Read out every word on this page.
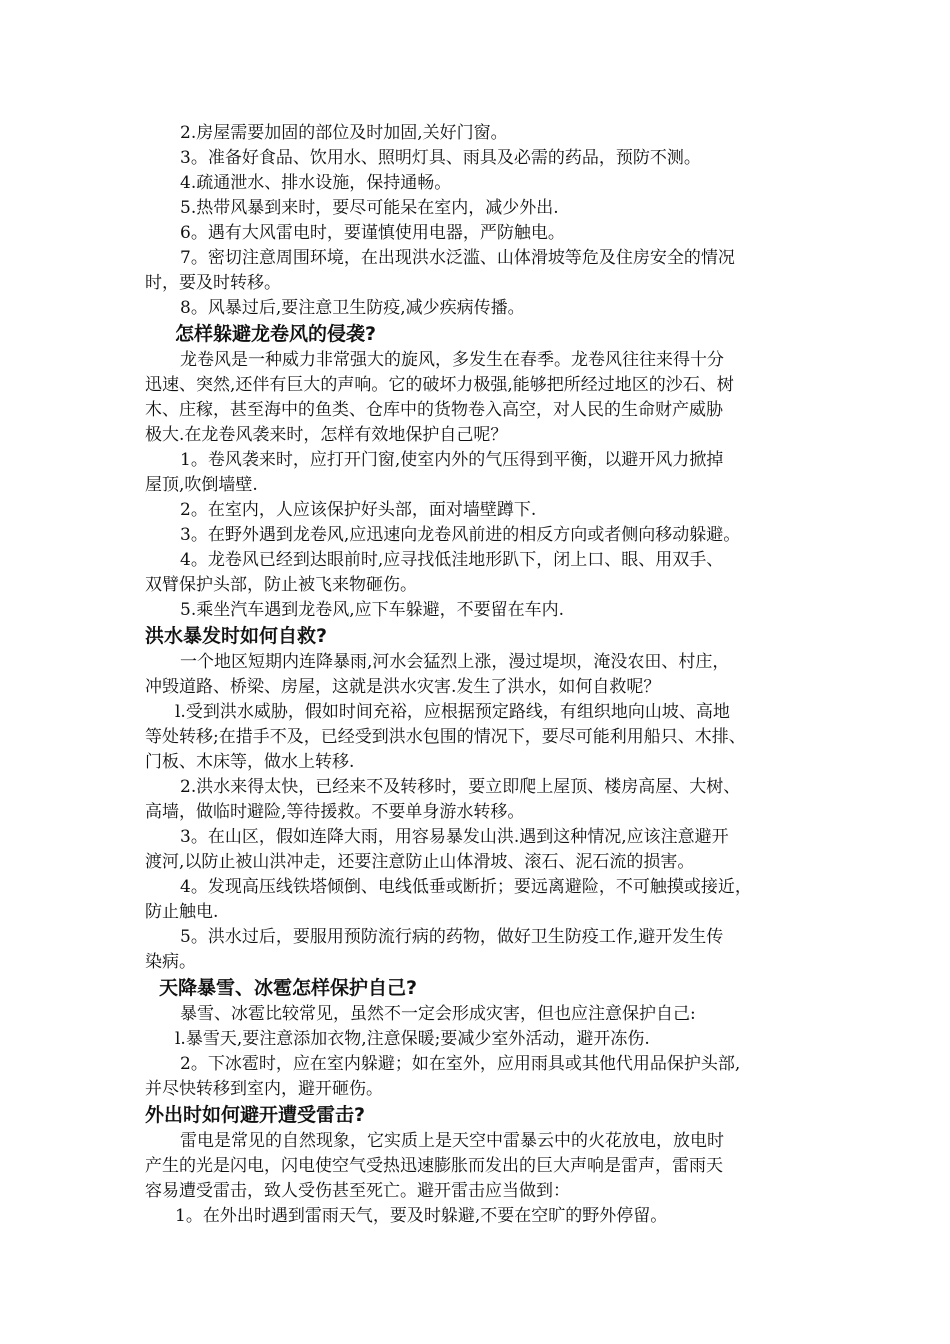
2.房屋需要加固的部位及时加固,关好门窗。
3。准备好食品、饮用水、照明灯具、雨具及必需的药品，预防不测。
4.疏通泄水、排水设施，保持通畅。
5.热带风暴到来时，要尽可能呆在室内，减少外出.
6。遇有大风雷电时，要谨慎使用电器，严防触电。
7。密切注意周围环境，在出现洪水泛滥、山体滑坡等危及住房安全的情况
时，要及时转移。
8。风暴过后,要注意卫生防疫,减少疾病传播。
怎样躲避龙卷风的侵袭?
龙卷风是一种威力非常强大的旋风，多发生在春季。龙卷风往往来得十分
迅速、突然,还伴有巨大的声响。它的破坏力极强,能够把所经过地区的沙石、树
木、庄稼，甚至海中的鱼类、仓库中的货物卷入高空，对人民的生命财产威胁
极大.在龙卷风袭来时，怎样有效地保护自己呢？
1。卷风袭来时，应打开门窗,使室内外的气压得到平衡，以避开风力掀掉
屋顶,吹倒墙壁.
2。在室内，人应该保护好头部，面对墙壁蹲下.
3。在野外遇到龙卷风,应迅速向龙卷风前进的相反方向或者侧向移动躲避。
4。龙卷风已经到达眼前时,应寻找低洼地形趴下，闭上口、眼、用双手、
双臂保护头部，防止被飞来物砸伤。
5.乘坐汽车遇到龙卷风,应下车躲避，不要留在车内.
洪水暴发时如何自救?
一个地区短期内连降暴雨,河水会猛烈上涨，漫过堤坝，淹没农田、村庄，
冲毁道路、桥梁、房屋，这就是洪水灾害.发生了洪水，如何自救呢？
l.受到洪水威胁，假如时间充裕，应根据预定路线，有组织地向山坡、高地
等处转移;在措手不及，已经受到洪水包围的情况下，要尽可能利用船只、木排、
门板、木床等，做水上转移.
2.洪水来得太快，已经来不及转移时，要立即爬上屋顶、楼房高屋、大树、
高墙，做临时避险,等待援救。不要单身游水转移。
3。在山区，假如连降大雨，用容易暴发山洪.遇到这种情况,应该注意避开
渡河,以防止被山洪冲走，还要注意防止山体滑坡、滚石、泥石流的损害。
4。发现高压线铁塔倾倒、电线低垂或断折；要远离避险，不可触摸或接近，
防止触电.
5。洪水过后，要服用预防流行病的药物，做好卫生防疫工作,避开发生传
染病。
天降暴雪、冰雹怎样保护自己?
暴雪、冰雹比较常见，虽然不一定会形成灾害，但也应注意保护自己:
l.暴雪天,要注意添加衣物,注意保暖;要减少室外活动，避开冻伤.
2。下冰雹时，应在室内躲避；如在室外，应用雨具或其他代用品保护头部,
并尽快转移到室内，避开砸伤。
外出时如何避开遭受雷击?
雷电是常见的自然现象，它实质上是天空中雷暴云中的火花放电，放电时
产生的光是闪电，闪电使空气受热迅速膨胀而发出的巨大声响是雷声，雷雨天
容易遭受雷击，致人受伤甚至死亡。避开雷击应当做到：
1。在外出时遇到雷雨天气，要及时躲避,不要在空旷的野外停留。
